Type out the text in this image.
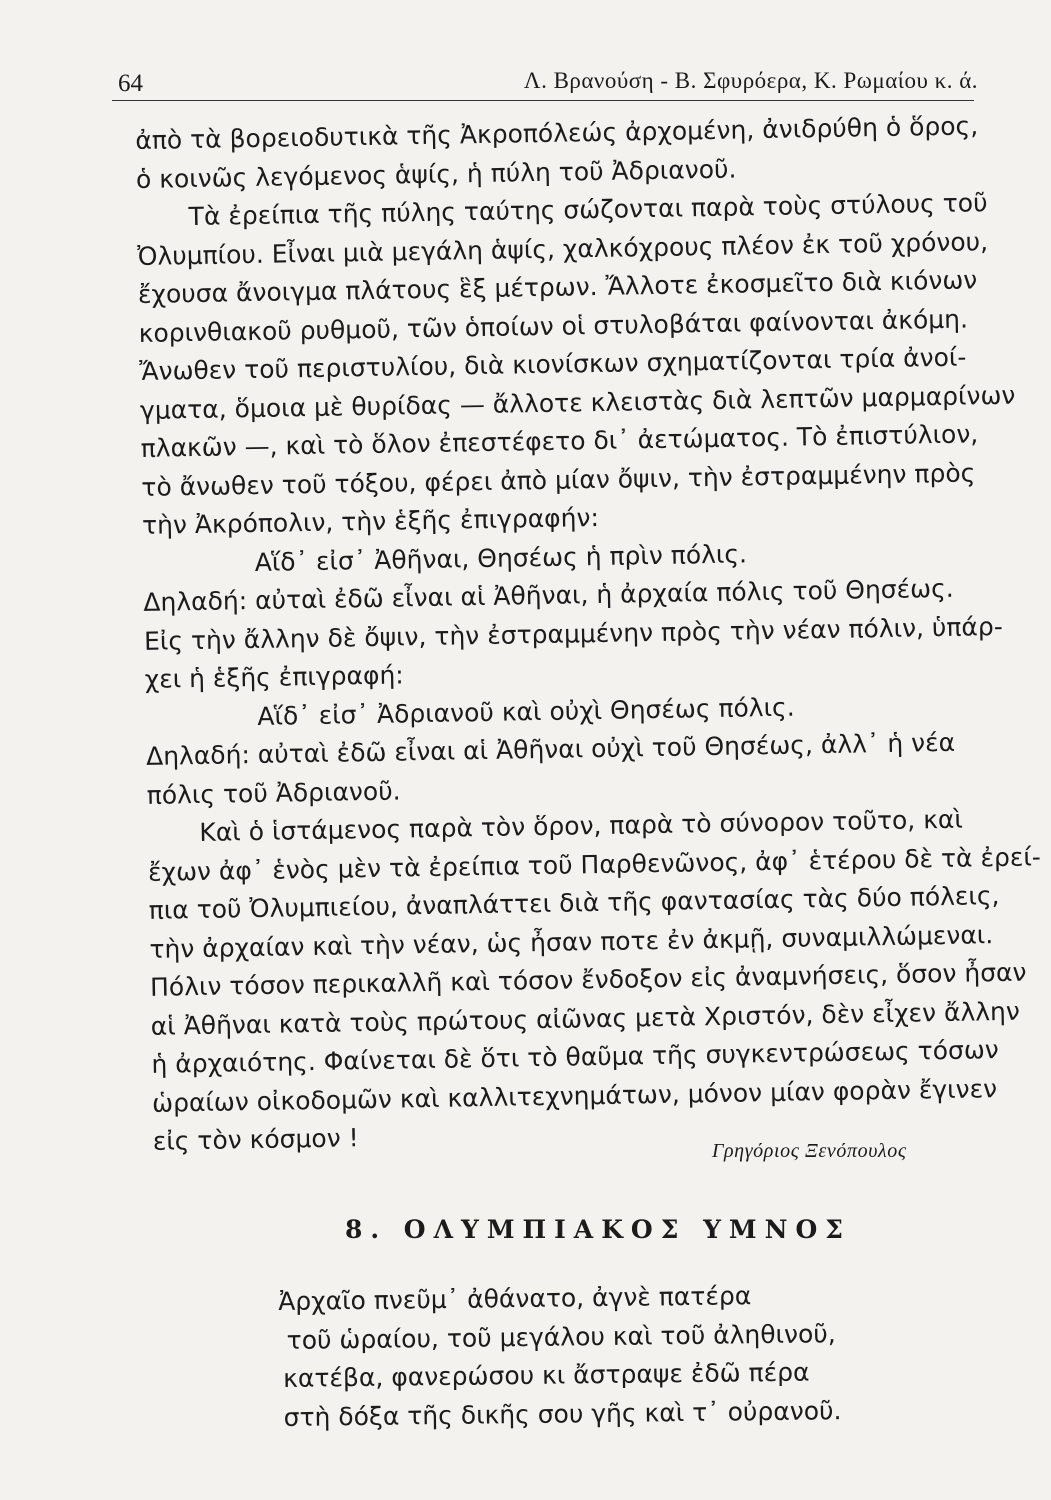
64	Λ. Βρανούση - Β. Σφυρόερα, Κ. Ρωμαίου κ. ά.

ἀπὸ τὰ βορειοδυτικὰ τῆς Ἀκροπόλεώς ἀρχομένη, ἀνιδρύθη ὁ ὅρος,
ὁ κοινῶς λεγόμενος ἁψίς, ἡ πύλη τοῦ Ἀδριανοῦ.

Τὰ ἐρείπια τῆς πύλης ταύτης σώζονται παρὰ τοὺς στύλους τοῦ
Ὀλυμπίου. Εἶναι μιὰ μεγάλη ἁψίς, χαλκόχρους πλέον ἐκ τοῦ χρόνου,
ἔχουσα ἄνοιγμα πλάτους ἓξ μέτρων. Ἄλλοτε ἐκοσμεῖτο διὰ κιόνων
κορινθιακοῦ ρυθμοῦ, τῶν ὁποίων οἱ στυλοβάται φαίνονται ἀκόμη.
Ἄνωθεν τοῦ περιστυλίου, διὰ κιονίσκων σχηματίζονται τρία ἀνοί-
γματα, ὅμοια μὲ θυρίδας — ἄλλοτε κλειστὰς διὰ λεπτῶν μαρμαρίνων
πλακῶν —, καὶ τὸ ὅλον ἐπεστέφετο δι᾽ ἀετώματος. Τὸ ἐπιστύλιον,
τὸ ἄνωθεν τοῦ τόξου, φέρει ἀπὸ μίαν ὄψιν, τὴν ἐστραμμένην πρὸς
τὴν Ἀκρόπολιν, τὴν ἑξῆς ἐπιγραφήν:

Αἵδ᾽ εἰσ᾽ Ἀθῆναι, Θησέως ἡ πρὶν πόλις.

Δηλαδή: αὐταὶ ἐδῶ εἶναι αἱ Ἀθῆναι, ἡ ἀρχαία πόλις τοῦ Θησέως.
Εἰς τὴν ἄλλην δὲ ὄψιν, τὴν ἐστραμμένην πρὸς τὴν νέαν πόλιν, ὑπάρ-
χει ἡ ἑξῆς ἐπιγραφή:

Αἵδ᾽ εἰσ᾽ Ἀδριανοῦ καὶ οὐχὶ Θησέως πόλις.

Δηλαδή: αὐταὶ ἐδῶ εἶναι αἱ Ἀθῆναι οὐχὶ τοῦ Θησέως, ἀλλ᾽ ἡ νέα
πόλις τοῦ Ἀδριανοῦ.

Καὶ ὁ ἱστάμενος παρὰ τὸν ὅρον, παρὰ τὸ σύνορον τοῦτο, καὶ
ἔχων ἀφ᾽ ἑνὸς μὲν τὰ ἐρείπια τοῦ Παρθενῶνος, ἀφ᾽ ἑτέρου δὲ τὰ ἐρεί-
πια τοῦ Ὀλυμπιείου, ἀναπλάττει διὰ τῆς φαντασίας τὰς δύο πόλεις,
τὴν ἀρχαίαν καὶ τὴν νέαν, ὡς ἦσαν ποτε ἐν ἀκμῇ, συναμιλλώμεναι.
Πόλιν τόσον περικαλλῆ καὶ τόσον ἔνδοξον εἰς ἀναμνήσεις, ὅσον ἦσαν
αἱ Ἀθῆναι κατὰ τοὺς πρώτους αἰῶνας μετὰ Χριστόν, δὲν εἶχεν ἄλλην
ἡ ἀρχαιότης. Φαίνεται δὲ ὅτι τὸ θαῦμα τῆς συγκεντρώσεως τόσων
ὡραίων οἰκοδομῶν καὶ καλλιτεχνημάτων, μόνον μίαν φορὰν ἔγινεν
εἰς τὸν κόσμον !	Γρηγόριος Ξενόπουλος
8. ΟΛΥΜΠΙΑΚΟΣ ΥΜΝΟΣ
Ἀρχαῖο πνεῦμ᾽ ἀθάνατο, ἀγνὲ πατέρα
τοῦ ὡραίου, τοῦ μεγάλου καὶ τοῦ ἀληθινοῦ,
κατέβα, φανερώσου κι ἄστραψε ἐδῶ πέρα
στὴ δόξα τῆς δικῆς σου γῆς καὶ τ᾽ οὐρανοῦ.
